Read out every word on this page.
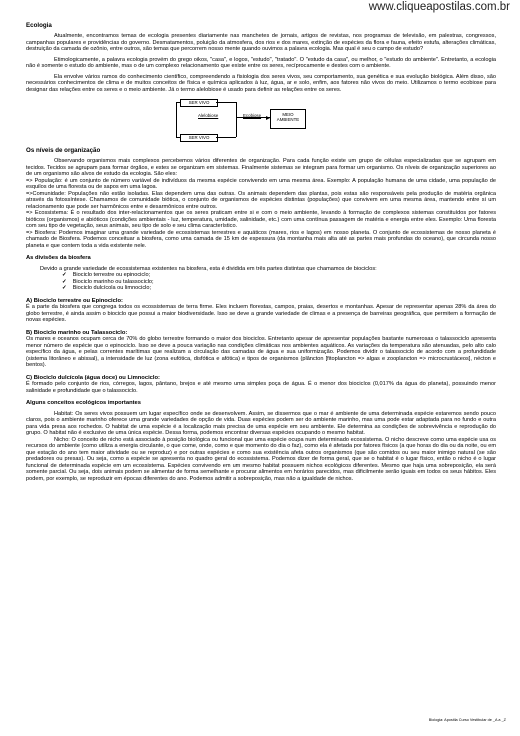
www.cliqueapostilas.com.br
Ecologia

Atualmente, encontramos temas de ecologia presentes diariamente nas manchetes de jornais, artigos de revistas, nos programas de televisão, em palestras, congressos, campanhas populares e providências do governo. Desmatamentos, poluição da atmosfera, dos rios e dos mares, extinção de espécies da flora e fauna, efeito estufa, alterações climáticas, destruição da camada de ozônio, entre outros, são temas que percorrem nosso mente quando ouvimos a palavra ecologia. Mas qual é seu o campo de estudo?

Etimologicamente, a palavra ecologia provém do grego oikos, "casa", e logos, "estudo", "tratado". O "estudo da casa", ou melhor, o "estudo do ambiente". Entretanto, a ecologia não é somente o estudo do ambiente, mas o de um complexo relacionamento que existe entre os seres, recíprocamente e destes com o ambiente.

Ela envolve vários ramos do conhecimento científico, compreendendo a fisiologia dos seres vivos, seu comportamento, sua genética e sua evolução biológica. Além disso, são necessários conhecimentos de clima e de muitos conceitos de física e química aplicados à luz, água, ar e solo, enfim, aos fatores não vivos do meio. Utilizamos o termo ecobiose para designar das relações entre os seres e o meio ambiente. Já o termo alelobiose é usado para definir as relações entre os seres.

SER VIVO
SER VIVO
MEIO AMBIENTE
Alelobiose	Ecobiose
Os níveis de organização

Observando organismos mais complexos percebemos vários diferentes de organização. Para cada função existe um grupo de células especializadas que se agrupam em tecidos. Tecidos se agrupam para formar órgãos, e estes se organizam em sistemas. Finalmente sistemas se integram para formar um organismo. Os níveis de organização superiores ao de um organismo são alvos de estudo da ecologia. São eles:

=> População: é um conjunto de número variável de indivíduos da mesma espécie convivendo em uma mesma área. Exemplo: A população humana de uma cidade, uma população de esquilos de uma floresta ou de sapos em uma lagoa.

=>Comunidade: Populações não estão isoladas. Elas dependem uma das outras. Os animais dependem das plantas, pois estas são responsáveis pela produção de matéria orgânica através da fotossíntese. Chamamos de comunidade biótica, o conjunto de organismos de espécies distintas (populações) que convivem em uma mesma área, mantendo entre si um relacionamento que pode ser harmônicos entre e desarmônicos entre outros.

=> Ecossistema: É o resultado dos inter-relacionamentos que os seres praticam entre si e com o meio ambiente, levando à formação de complexos sistemas constituídos por fatores bióticos (organismos) e abióticos (condições ambientais - luz, temperatura, umidade, salinidade, etc.) com uma contínua passagem de matéria e energia entre eles. Exemplo: Uma floresta com seu tipo de vegetação, seus animais, seu tipo de solo e seu clima característico.

=> Biosfera: Podemos imaginar uma grande variedade de ecossistemas terrestres e aquáticos (mares, rios e lagos) em nosso planeta. O conjunto de ecossistemas de nosso planeta é chamado de Biosfera. Podemos conceituar a biosfera, como uma camada de 15 km de espessura (da montanha mais alta até as partes mais profundas do oceano), que circunda nosso planeta e que contem toda a vida existente nele.

As divisões da biosfera

Devido a grande variedade de ecossistemas existentes na biosfera, esta é dividida em três partes distintas que chamamos de biociclos:

✓ Biociclo terrestre ou epinociclo;
✓ Biociclo marinho ou talassociclo;
✓ Biociclo dulcícola ou limnociclo;
A) Biociclo terrestre ou Epinociclo:

É a parte da biosfera que congrega todos os ecossistemas de terra firme. Eles incluem florestas, campos, praias, desertos e montanhas. Apesar de representar apenas 28% da área do globo terrestre, é ainda assim o biociclo que possui a maior biodiversidade. Isso se deve a grande variedade de climas e a presença de barreiras geográfica, que permitem a formação de novas espécies.

B) Biociclo marinho ou Talassociclo:

Os mares e oceanos ocupam cerca de 70% do globo terrestre formando o maior dos biociclos. Entretanto apesar de apresentar populações bastante numerosas o talassociclo apresenta menor número de espécie que o epinociclo. Isso se deve a pouca variação nas condições climáticas nos ambientes aquáticos. As variações da temperatura são atenuadas, pelo alto calo específico da água, e pelas correntes marítimas que realizam a circulação das camadas de água e sua uniformização. Podemos dividir o talassociclo de acordo com a profundidade (sistema litorâneo e abissal), a intensidade de luz (zona eufótica, disfótica e afótica) e tipos de organismos (plâncton [fitoplancton => algas e zooplancton => microcrustáceos], nécton e bentos).

C) Biociclo dulcícola (água doce) ou Limnociclo:

É formado pelo conjunto de rios, córregos, lagos, pântano, brejos e até mesmo uma simples poça de água. É o menor dos biociclos (0,017% da água do planeta), possuindo menor salinidade e profundidade que o talassociclo.

Alguns conceitos ecológicos importantes

Habitat: Os seres vivos possuem um lugar específico onde se desenvolvem. Assim, se dissermos que o mar é ambiente de uma determinada espécie estaremos sendo pouco claros, pois o ambiente marinho oferece uma grande variedades de opção de vida. Duas espécies podem ser do ambiente marinho, mas uma pode estar adaptada para no fundo e outra para vida presa aos rochedos. O habitat de uma espécie é a localização mais precisa de uma espécie em seu ambiente. Ele determina as condições de sobrevivência e reprodução do grupo. O habitat não é exclusivo de uma única espécie. Dessa forma, podemos encontrar diversas espécies ocupando o mesmo habitat.

Nicho: O conceito de nicho está associado à posição biológica ou funcional que uma espécie ocupa num determinado ecossistema. O nicho descreve como uma espécie usa os recursos do ambiente (como utiliza a energia circulante, o que come, onde, como e que momento do dia o faz), como ela é afetada por fatores físicos (a que horas do dia ou da noite, ou em que estação do ano tem maior atividade ou se reproduz) e por outras espécies e como sua existência afeta outros organismos (que são comidos ou seu maior inimigo natural (se são predadores ou presas). Ou seja, como a espécie se apresenta no quadro geral do ecossistema. Podemos dizer de forma geral, que se o habitat é o lugar físico, então o nicho é o lugar funcional de determinada espécie em um ecossistema. Espécies convivendo em um mesmo habitat possuem nichos ecológicos diferentes. Mesmo que haja uma sobreposição, ela será somente parcial. Ou seja, dois animais podem se alimentar de forma semelhante e procurar alimentos em horários parecidos, mas dificilmente serão iguais em todos os seus hábitos. Eles podem, por exemplo, se reproduzir em épocas diferentes do ano. Podemos admitir a sobreposição, mas não a igualdade de nichos.

Biologia: Apostila Curso Vestibular de _A a _Z
